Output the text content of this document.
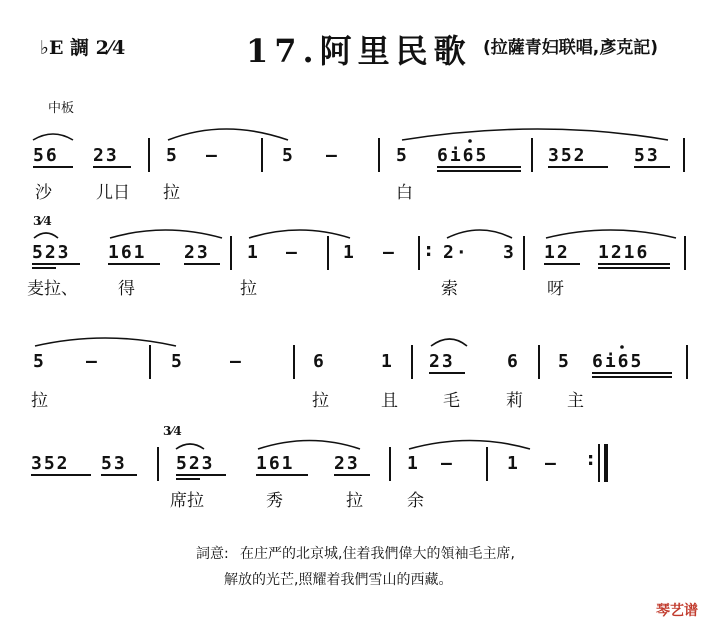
♭E 調 2⁄4	17.阿里民歌 (拉薩青妇联唱,彥克記)
中板
56 23	5 —	5 —	5 6i65	352	53
沙	儿日 拉	白
3⁄4
523 161 23 1 — 1 —	2· 3 12 1216
:
麦拉、 得	拉	索	呀
5 —	5	—	6	1 23	6 5 6i65
拉	拉	且	毛	莉	主
3⁄4
352 53	523 161 23	1 —	1 — :
席拉	秀	拉	余
詞意: 在庄严的北京城,住着我們偉大的領袖毛主席,
解放的光芒,照耀着我們雪山的西藏。
琴艺谱
